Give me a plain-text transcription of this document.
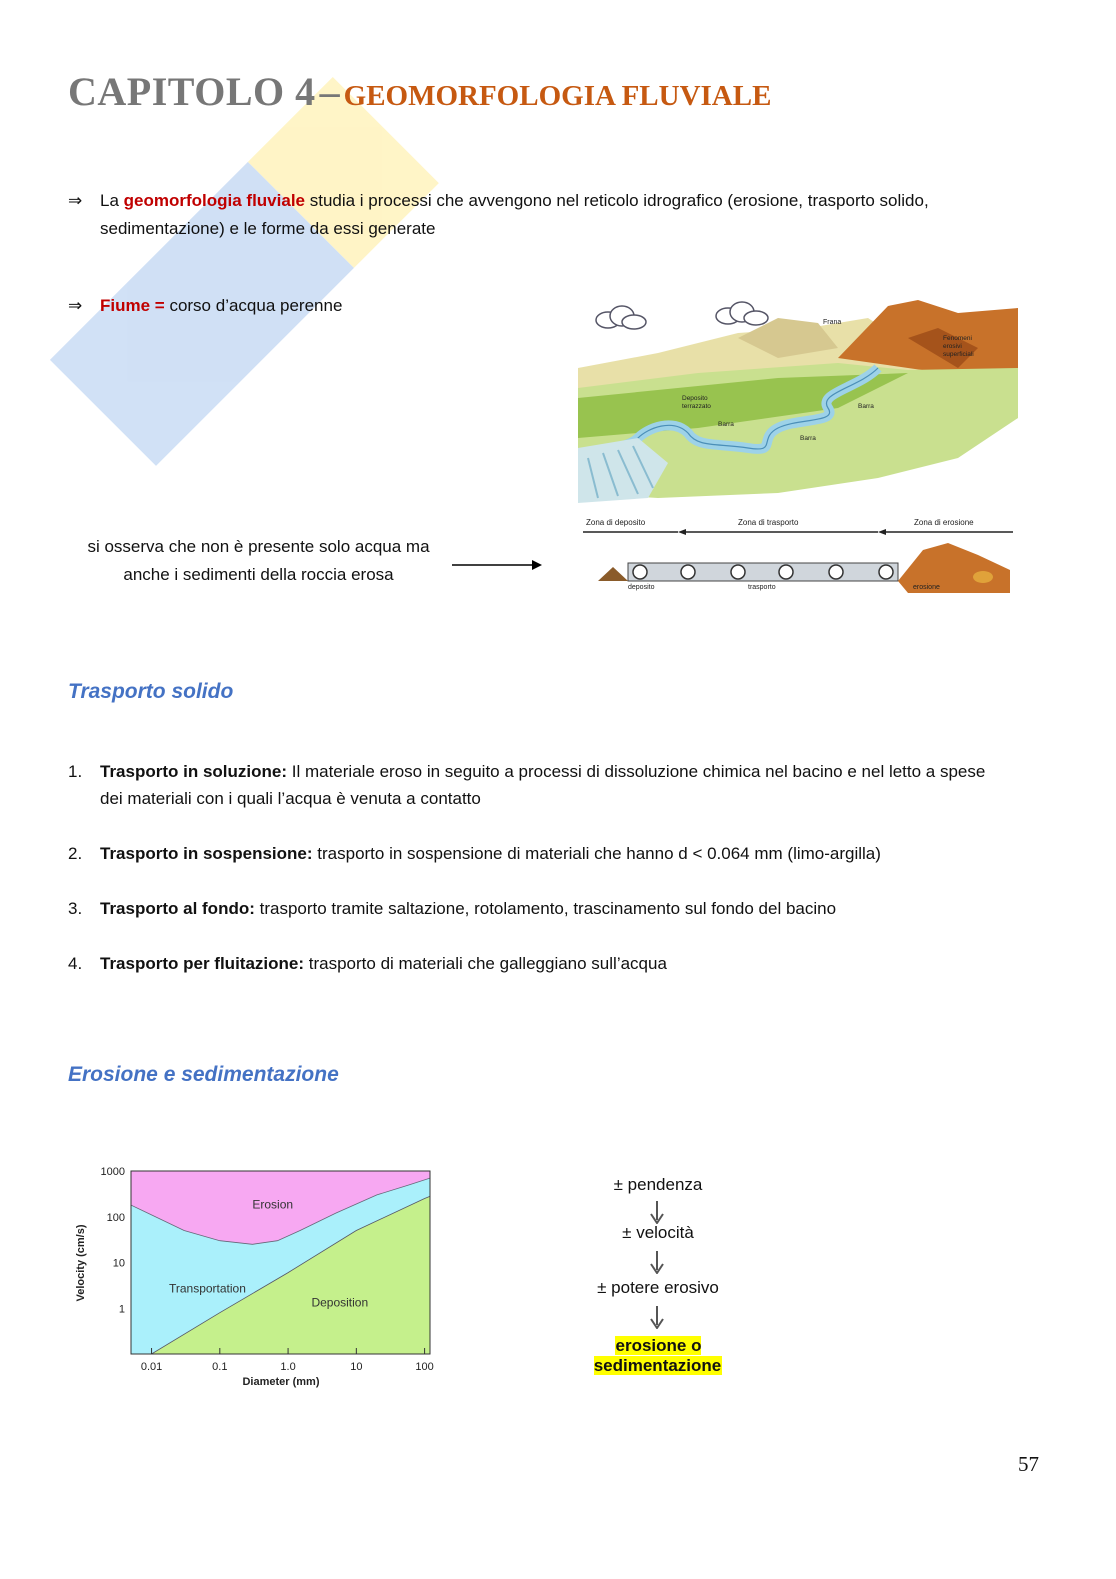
CAPITOLO 4 – GEOMORFOLOGIA FLUVIALE
⇒ La geomorfologia fluviale studia i processi che avvengono nel reticolo idrografico (erosione, trasporto solido,
sedimentazione) e le forme da essi generate
⇒ Fiume = corso d’acqua perenne
Frana
Fenomeni
erosivi
superficiali
Deposito
terrazzato
Barra
Barra
Barra
Zona di deposito	Zona di trasporto	Zona di erosione
deposito	trasporto	erosione
si osserva che non è presente solo acqua ma
anche i sedimenti della roccia erosa
Trasporto solido
1. Trasporto in soluzione: Il materiale eroso in seguito a processi di dissoluzione chimica nel bacino e nel letto a spese
dei materiali con i quali l’acqua è venuta a contatto
2. Trasporto in sospensione: trasporto in sospensione di materiali che hanno d < 0.064 mm (limo-argilla)
3. Trasporto al fondo: trasporto tramite saltazione, rotolamento, trascinamento sul fondo del bacino
4. Trasporto per fluitazione: trasporto di materiali che galleggiano sull’acqua
Erosione e sedimentazione
0.01	0.1	1.0	10	100
1000
100
10
1
Erosion
Transportation
Deposition
Diameter (mm)
Velocity (cm/s)
± pendenza
± velocità
± potere erosivo
erosione o sedimentazione
57
